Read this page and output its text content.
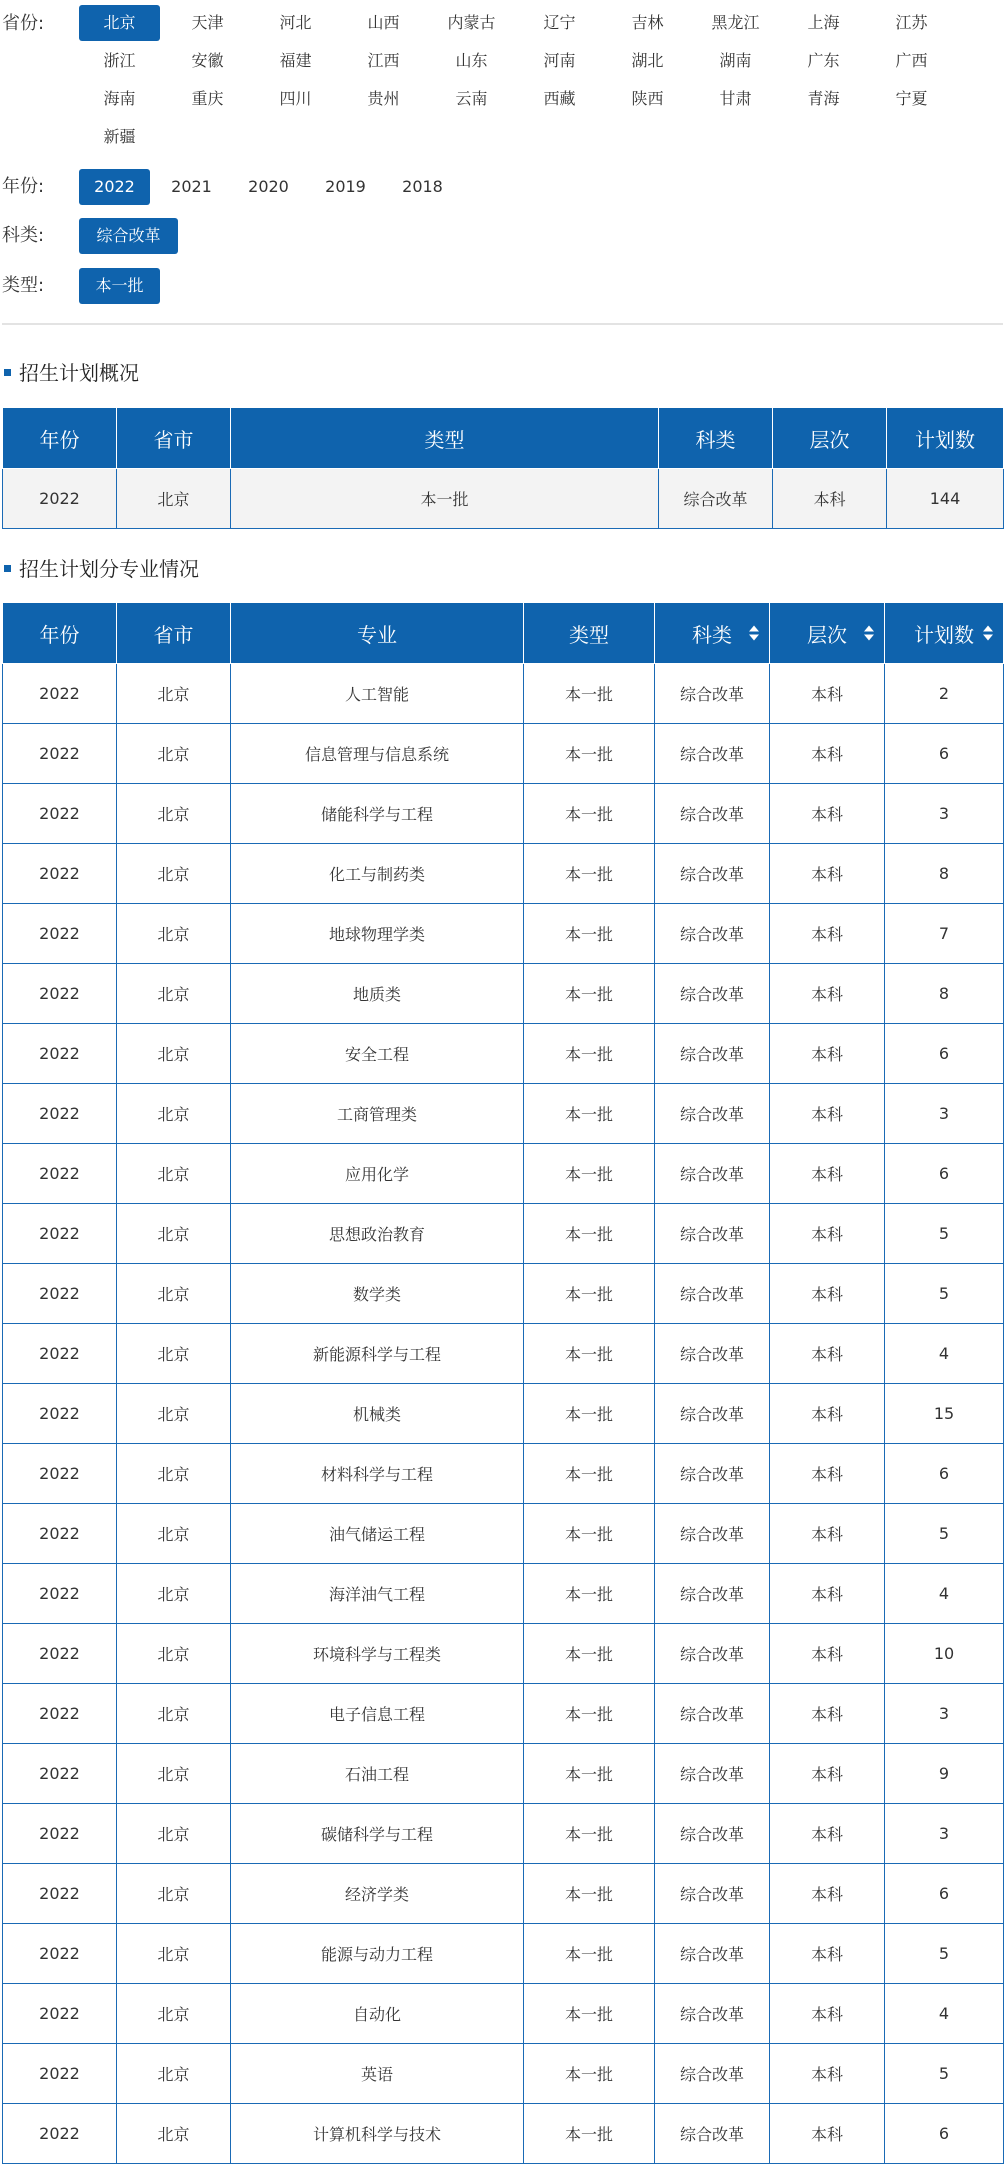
省份:	北京	天津	河北	山西	内蒙古	辽宁	吉林	黑龙江	上海	江苏
浙江	安徽	福建	江西	山东	河南	湖北	湖南	广东	广西
海南	重庆	四川	贵州	云南	西藏	陕西	甘肃	青海	宁夏
新疆
年份:	2022	2021	2020	2019	2018
科类:	综合改革
类型:	本一批
招生计划概况
年份	省市	类型	科类	层次	计划数
2022	北京	本一批	综合改革	本科	144
招生计划分专业情况
年份	省市	专业	类型	科类	层次	计划数

2022	北京	人工智能	本一批	综合改革	本科	2
2022	北京	信息管理与信息系统	本一批	综合改革	本科	6
2022	北京	储能科学与工程	本一批	综合改革	本科	3
2022	北京	化工与制药类	本一批	综合改革	本科	8
2022	北京	地球物理学类	本一批	综合改革	本科	7
2022	北京	地质类	本一批	综合改革	本科	8
2022	北京	安全工程	本一批	综合改革	本科	6
2022	北京	工商管理类	本一批	综合改革	本科	3
2022	北京	应用化学	本一批	综合改革	本科	6
2022	北京	思想政治教育	本一批	综合改革	本科	5
2022	北京	数学类	本一批	综合改革	本科	5
2022	北京	新能源科学与工程	本一批	综合改革	本科	4
2022	北京	机械类	本一批	综合改革	本科	15
2022	北京	材料科学与工程	本一批	综合改革	本科	6
2022	北京	油气储运工程	本一批	综合改革	本科	5
2022	北京	海洋油气工程	本一批	综合改革	本科	4
2022	北京	环境科学与工程类	本一批	综合改革	本科	10
2022	北京	电子信息工程	本一批	综合改革	本科	3
2022	北京	石油工程	本一批	综合改革	本科	9
2022	北京	碳储科学与工程	本一批	综合改革	本科	3
2022	北京	经济学类	本一批	综合改革	本科	6
2022	北京	能源与动力工程	本一批	综合改革	本科	5
2022	北京	自动化	本一批	综合改革	本科	4
2022	北京	英语	本一批	综合改革	本科	5
2022	北京	计算机科学与技术	本一批	综合改革	本科	6
